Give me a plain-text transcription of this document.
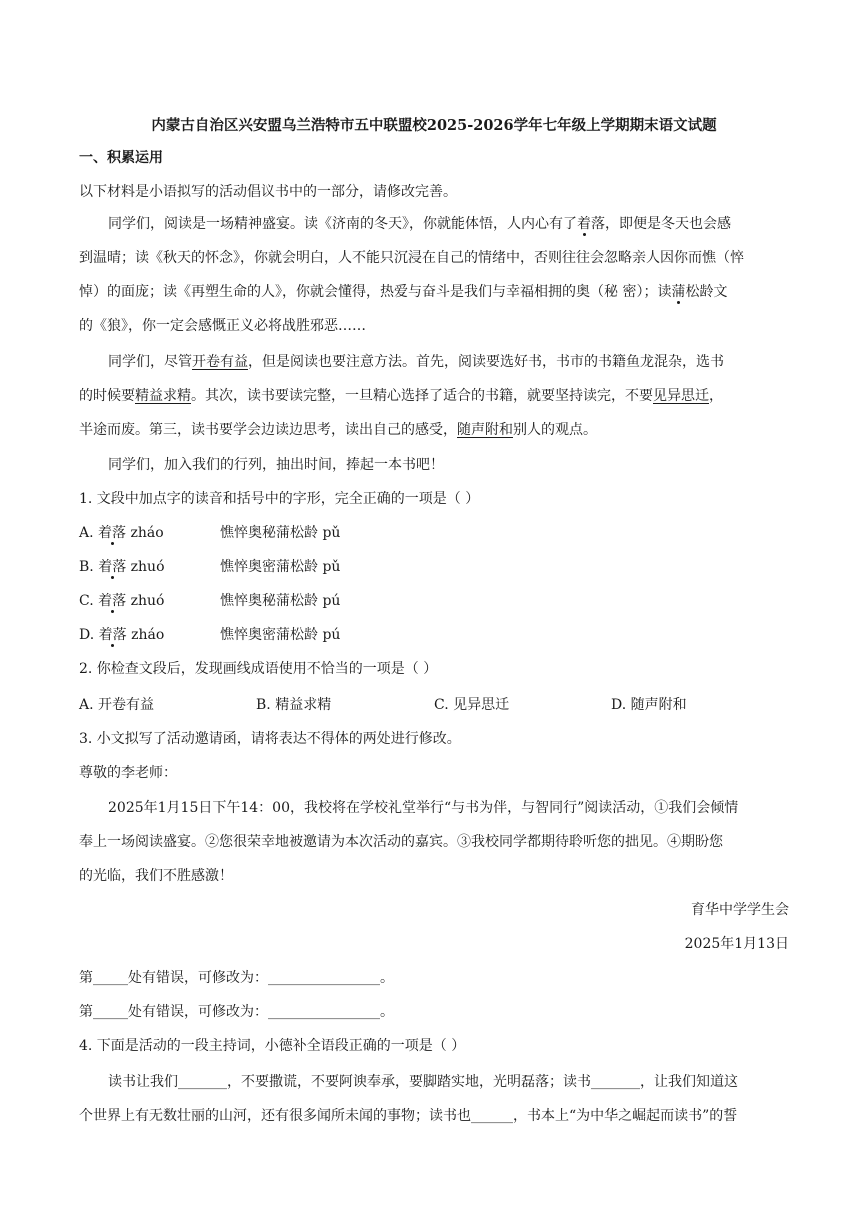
内蒙古自治区兴安盟乌兰浩特市五中联盟校2025-2026学年七年级上学期期末语文试题
一、积累运用
以下材料是小语拟写的活动倡议书中的一部分，请修改完善。
同学们，阅读是一场精神盛宴。读《济南的冬天》，你就能体悟，人内心有了着落，即便是冬天也会感
到温晴；读《秋天的怀念》，你就会明白，人不能只沉浸在自己的情绪中，否则往往会忽略亲人因你而憔（悴
悼）的面庞；读《再塑生命的人》，你就会懂得，热爱与奋斗是我们与幸福相拥的奥（秘 密）；读蒲松龄文
的《狼》，你一定会感慨正义必将战胜邪恶……
同学们，尽管开卷有益，但是阅读也要注意方法。首先，阅读要选好书，书市的书籍鱼龙混杂，选书
的时候要精益求精。其次，读书要读完整，一旦精心选择了适合的书籍，就要坚持读完，不要见异思迁，
半途而废。第三，读书要学会边读边思考，读出自己的感受，随声附和别人的观点。
同学们，加入我们的行列，抽出时间，捧起一本书吧！
1. 文段中加点字的读音和括号中的字形，完全正确的一项是（ ）
A. 着落 zháo	憔悴奥秘蒲松龄 pǔ
B. 着落 zhuó	憔悴奥密蒲松龄 pǔ
C. 着落 zhuó	憔悴奥秘蒲松龄 pú
D. 着落 zháo	憔悴奥密蒲松龄 pú
2. 你检查文段后，发现画线成语使用不恰当的一项是（ ）
A. 开卷有益	B. 精益求精	C. 见异思迁	D. 随声附和
3. 小文拟写了活动邀请函，请将表达不得体的两处进行修改。
尊敬的李老师：
2025年1月15日下午14：00，我校将在学校礼堂举行“与书为伴，与智同行”阅读活动，①我们会倾情
奉上一场阅读盛宴。②您很荣幸地被邀请为本次活动的嘉宾。③我校同学都期待聆听您的拙见。④期盼您
的光临，我们不胜感激！
育华中学学生会
2025年1月13日
第_____处有错误，可修改为：________________。
第_____处有错误，可修改为：________________。
4. 下面是活动的一段主持词，小德补全语段正确的一项是（ ）
读书让我们_______，不要撒谎，不要阿谀奉承，要脚踏实地，光明磊落；读书_______，让我们知道这
个世界上有无数壮丽的山河，还有很多闻所未闻的事物；读书也______，书本上“为中华之崛起而读书”的誓
